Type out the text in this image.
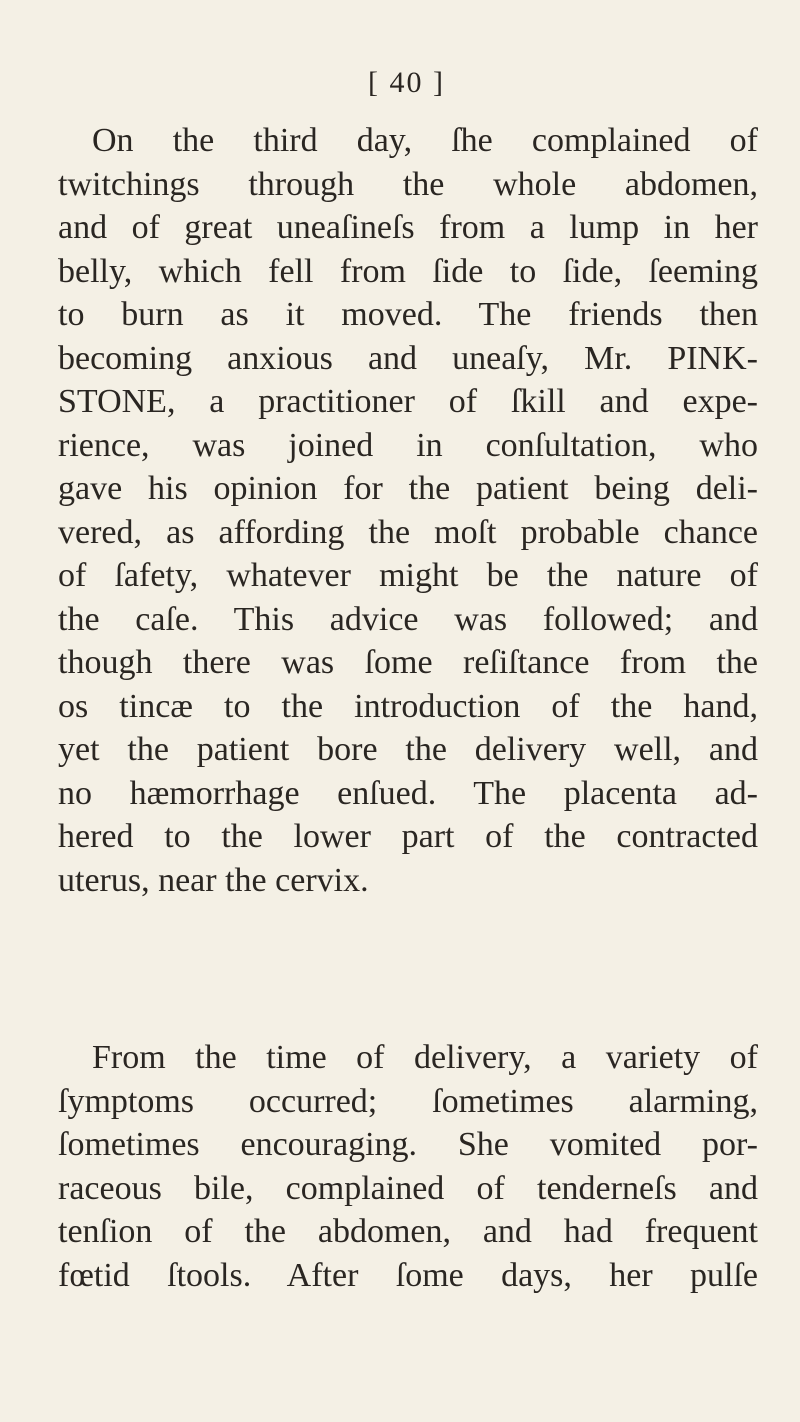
[ 40 ]
On the third day, ſhe complained of
twitchings through the whole abdomen,
and of great uneaſineſs from a lump in her
belly, which fell from ſide to ſide, ſeeming
to burn as it moved. The friends then
becoming anxious and uneaſy, Mr. PINK-
STONE, a practitioner of ſkill and expe-
rience, was joined in conſultation, who
gave his opinion for the patient being deli-
vered, as affording the moſt probable chance
of ſafety, whatever might be the nature of
the caſe. This advice was followed; and
though there was ſome reſiſtance from the
os tincæ to the introduction of the hand,
yet the patient bore the delivery well, and
no hæmorrhage enſued. The placenta ad-
hered to the lower part of the contracted
uterus, near the cervix.
From the time of delivery, a variety of
ſymptoms occurred; ſometimes alarming,
ſometimes encouraging. She vomited por-
raceous bile, complained of tenderneſs and
tenſion of the abdomen, and had frequent
fœtid ſtools. After ſome days, her pulſe
